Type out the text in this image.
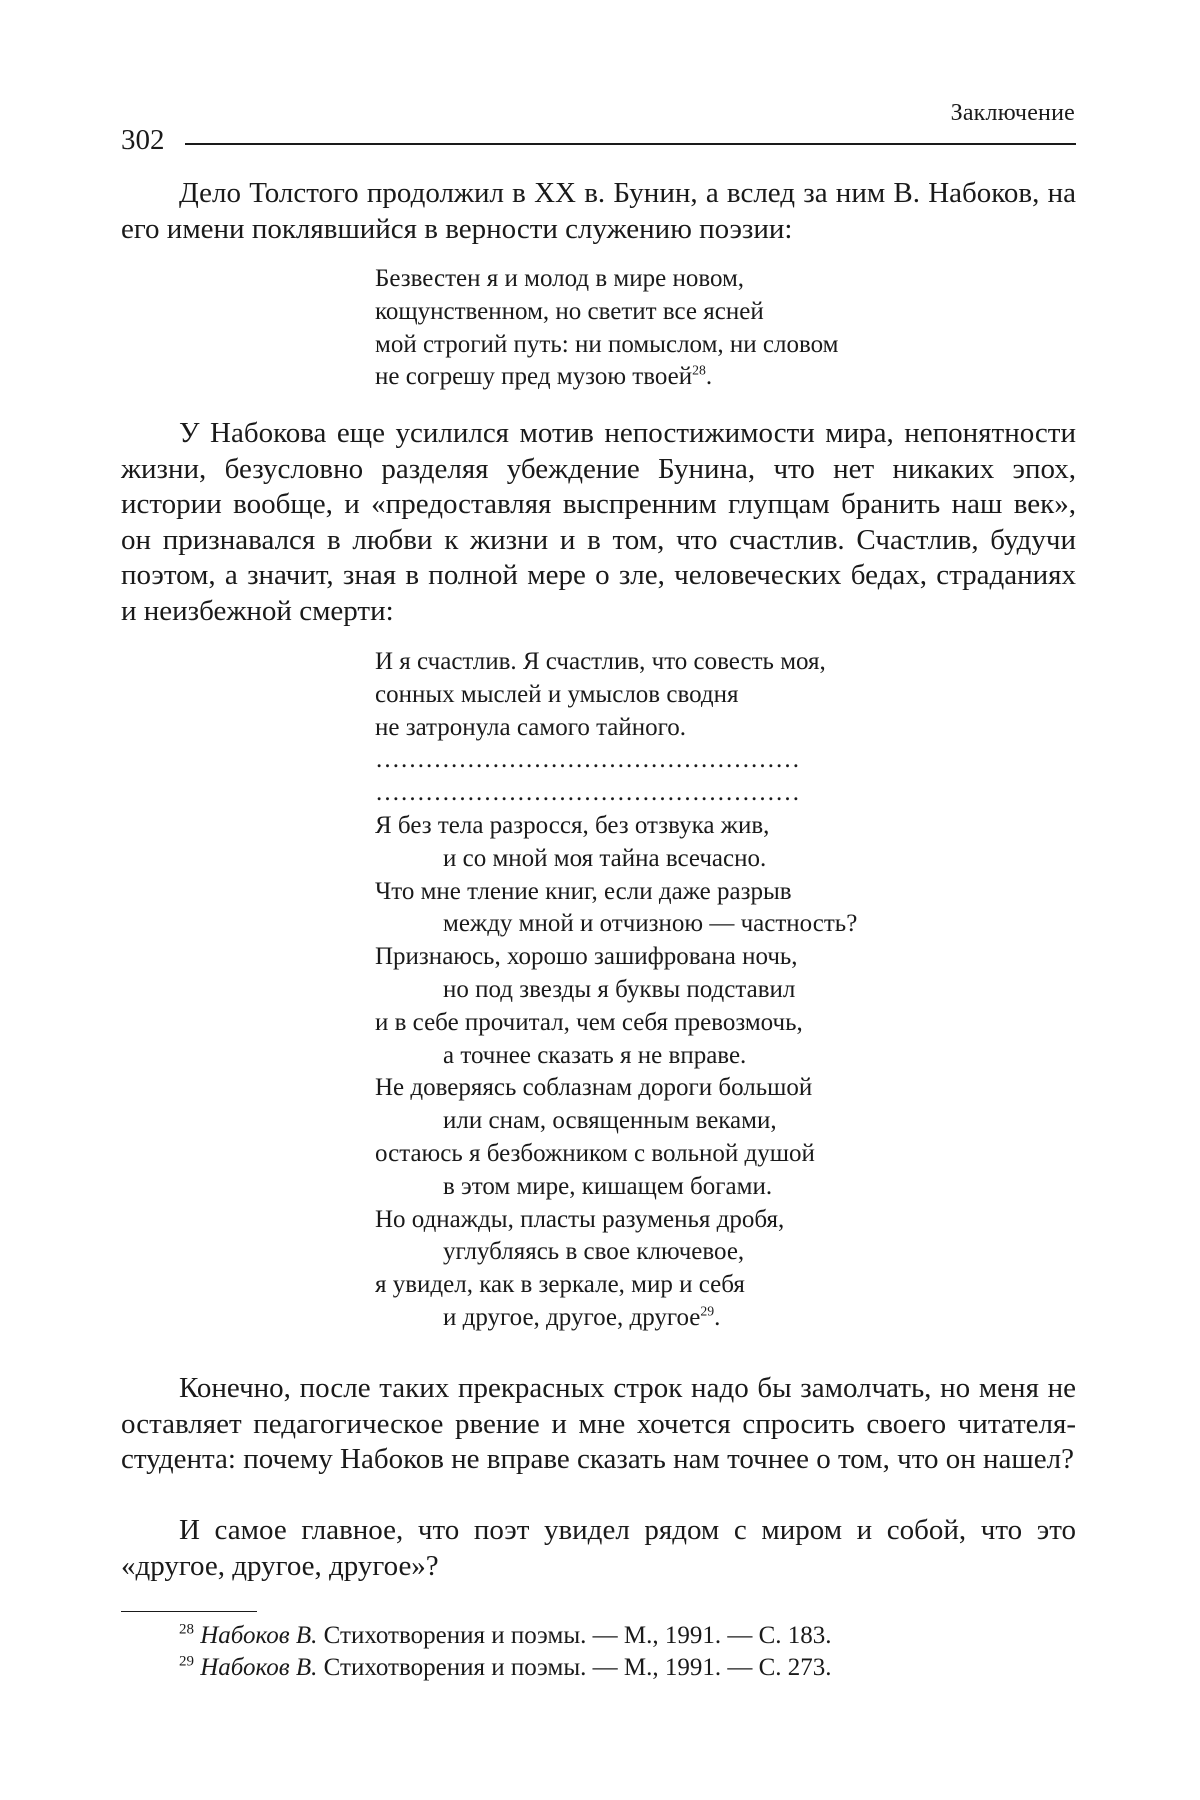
Заключение
302

Дело Толстого продолжил в XX в. Бунин, а вслед за ним В. Набоков, на его имени поклявшийся в верности служению поэзии:

Безвестен я и молод в мире новом,
кощунственном, но светит все ясней
мой строгий путь: ни помыслом, ни словом
не согрешу пред музою твоей$^{28}$.

У Набокова еще усилился мотив непостижимости мира, непонятности жизни, безусловно разделяя убеждение Бунина, что нет никаких эпох, истории вообще, и «предоставляя выспренним глупцам бранить наш век», он признавался в любви к жизни и в том, что счастлив. Счастлив, будучи поэтом, а значит, зная в полной мере о зле, человеческих бедах, страданиях и неизбежной смерти:

И я счастлив. Я счастлив, что совесть моя,
сонных мыслей и умыслов сводня
не затронула самого тайного.
……………………………………………
……………………………………………
Я без тела разросся, без отзвука жив,
и со мной моя тайна всечасно.
Что мне тление книг, если даже разрыв
между мной и отчизною — частность?
Признаюсь, хорошо зашифрована ночь,
но под звезды я буквы подставил
и в себе прочитал, чем себя превозмочь,
а точнее сказать я не вправе.
Не доверяясь соблазнам дороги большой
или снам, освященным веками,
остаюсь я безбожником с вольной душой
в этом мире, кишащем богами.
Но однажды, пласты разуменья дробя,
углубляясь в свое ключевое,
я увидел, как в зеркале, мир и себя
и другое, другое, другое$^{29}$.

Конечно, после таких прекрасных строк надо бы замолчать, но меня не оставляет педагогическое рвение и мне хочется спросить своего читателя-студента: почему Набоков не вправе сказать нам точнее о том, что он нашел?

И самое главное, что поэт увидел рядом с миром и собой, что это «другое, другое, другое»?

$^{28}$ Набоков В. Стихотворения и поэмы. — М., 1991. — С. 183.
$^{29}$ Набоков В. Стихотворения и поэмы. — М., 1991. — С. 273.
